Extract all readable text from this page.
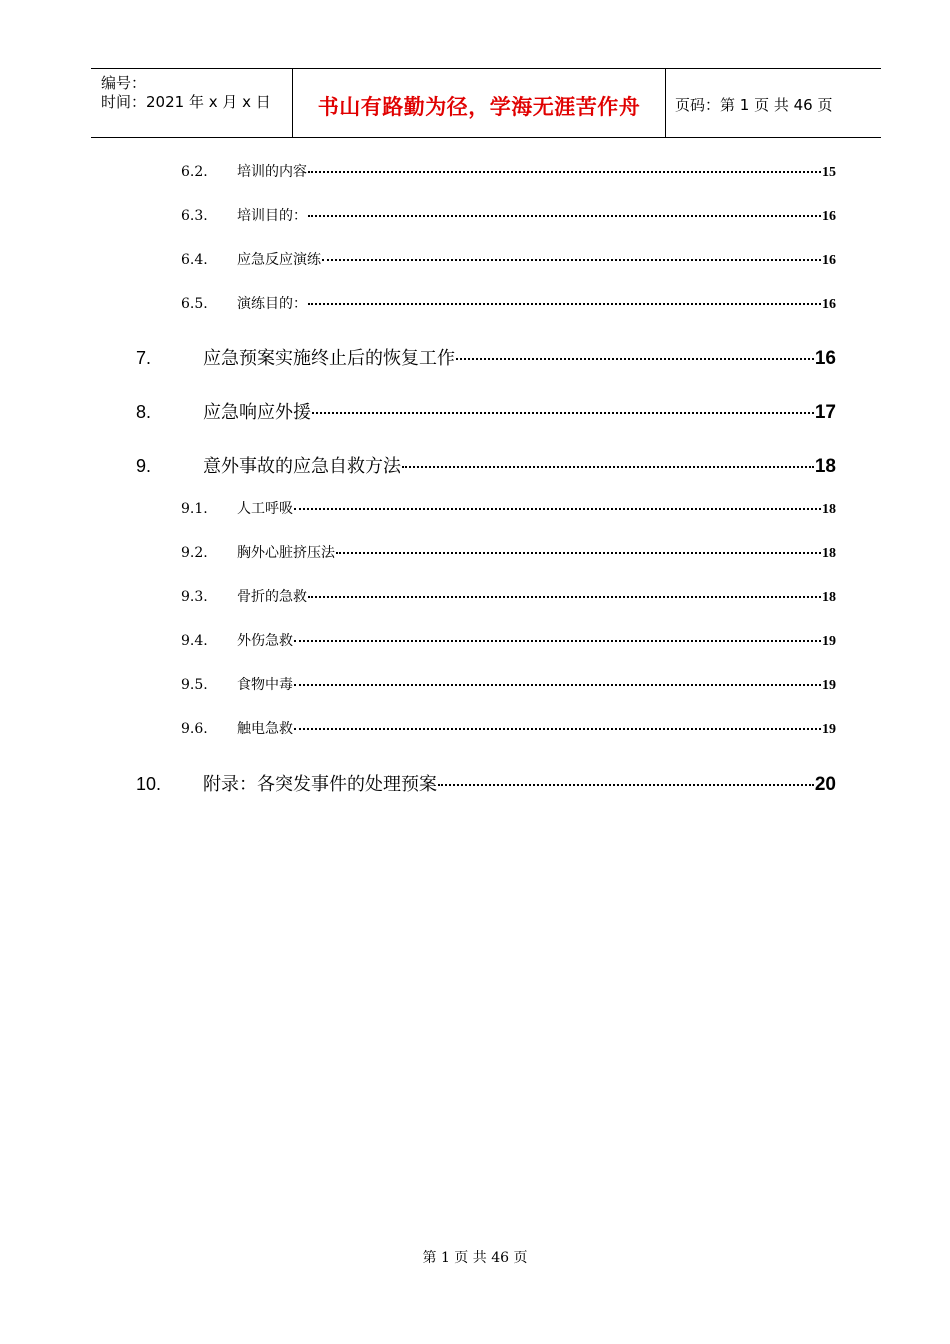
编号：
时间：2021 年 x 月 x 日	书山有路勤为径，学海无涯苦作舟	页码：第 1 页 共 46 页
6.2.	培训的内容	15
6.3.	培训目的：	16
6.4.	应急反应演练	16
6.5.	演练目的：	16
7.	应急预案实施终止后的恢复工作	16
8.	应急响应外援	17
9.	意外事故的应急自救方法	18
9.1.	人工呼吸	18
9.2.	胸外心脏挤压法	18
9.3.	骨折的急救	18
9.4.	外伤急救	19
9.5.	食物中毒	19
9.6.	触电急救	19
10.	附录：各突发事件的处理预案	20
第 1 页 共 46 页
